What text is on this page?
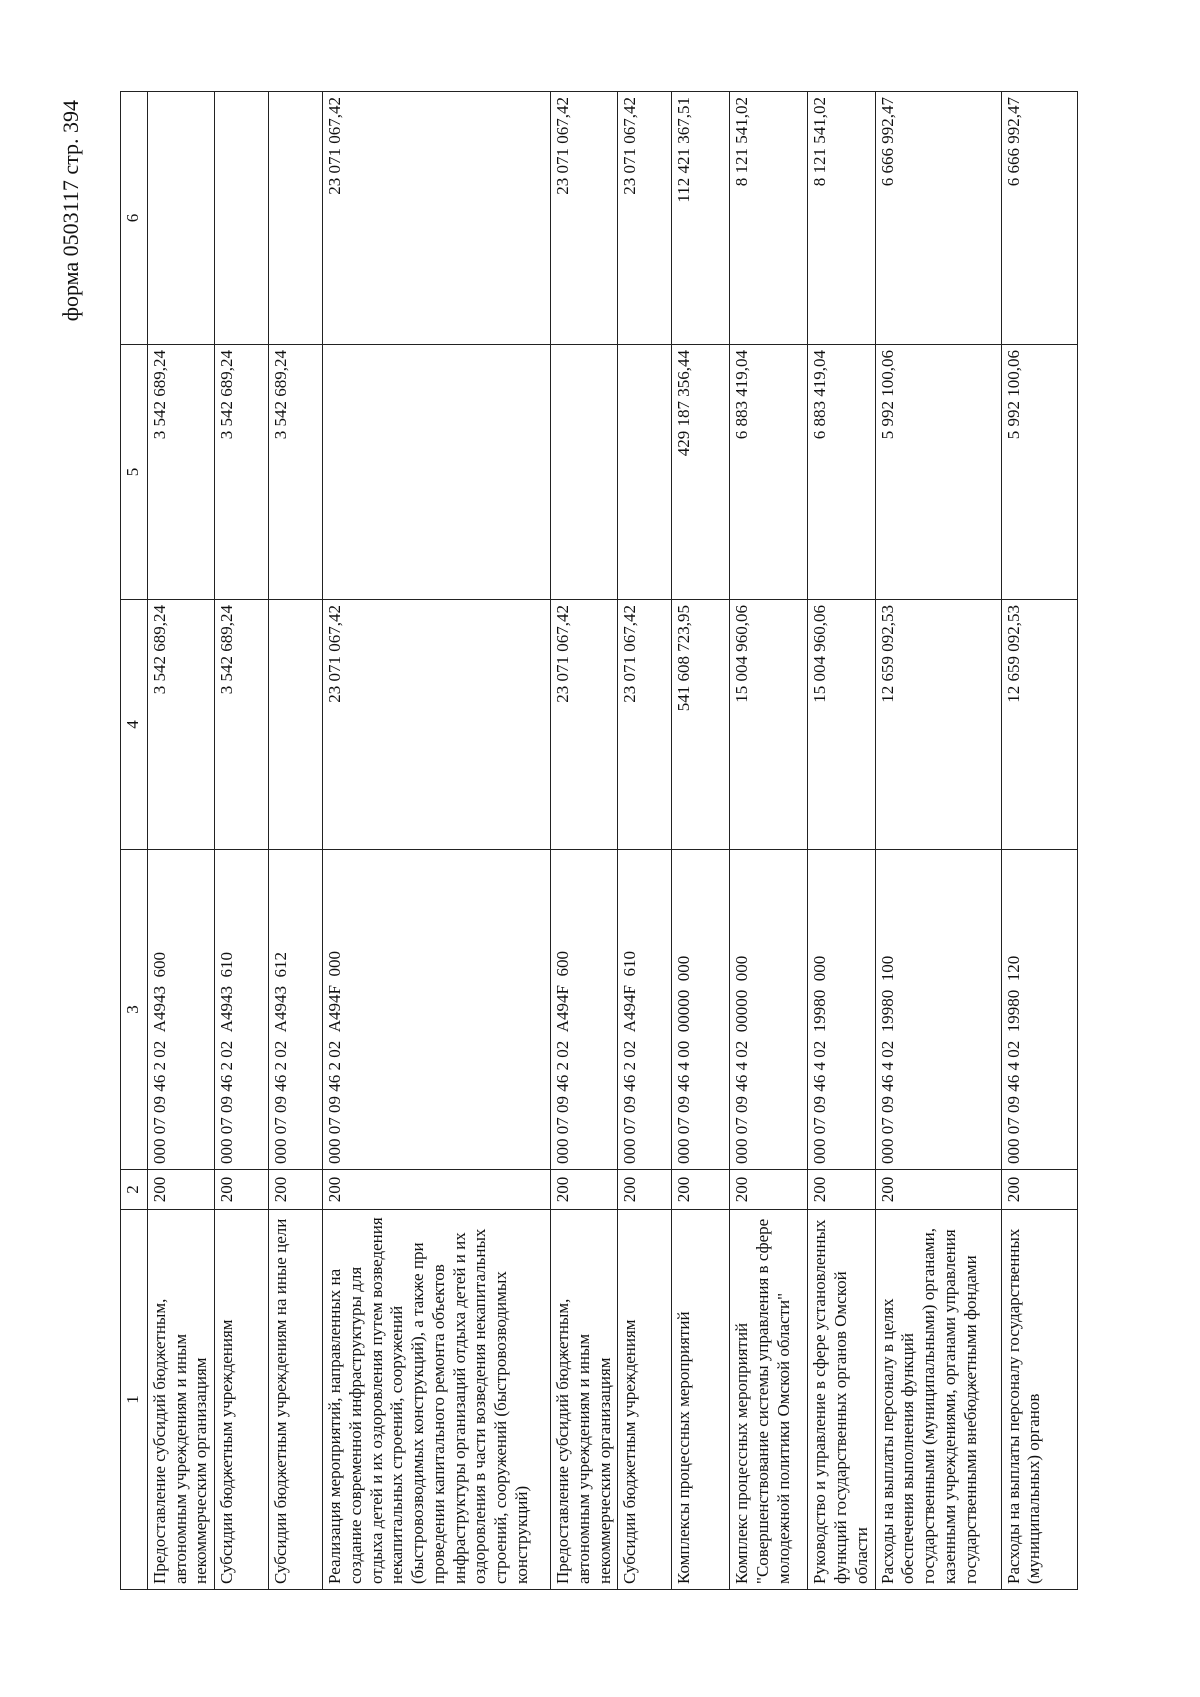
форма 0503117 стр. 394
1	2	3	4	5	6
Предоставление субсидий бюджетным, автономным учреждениям и иным некоммерческим организациям	200	000 07 09 46 2 02  А4943  600	3 542 689,24	3 542 689,24	
Субсидии бюджетным учреждениям	200	000 07 09 46 2 02  А4943  610	3 542 689,24	3 542 689,24	
Субсидии бюджетным учреждениям на иные цели	200	000 07 09 46 2 02  А4943  612		3 542 689,24	
Реализация мероприятий, направленных на создание современной инфраструктуры для отдыха детей и их оздоровления путем возведения некапитальных строений, сооружений (быстровозводимых конструкций), а также при проведении капитального ремонта объектов инфраструктуры организаций отдыха детей и их оздоровления в части возведения некапитальных строений, сооружений (быстровозводимых конструкций)	200	000 07 09 46 2 02  А494F  000	23 071 067,42		23 071 067,42
Предоставление субсидий бюджетным, автономным учреждениям и иным некоммерческим организациям	200	000 07 09 46 2 02  А494F  600	23 071 067,42		23 071 067,42
Субсидии бюджетным учреждениям	200	000 07 09 46 2 02  А494F  610	23 071 067,42		23 071 067,42
Комплексы процессных мероприятий	200	000 07 09 46 4 00  00000  000	541 608 723,95	429 187 356,44	112 421 367,51
Комплекс процессных мероприятий "Совершенствование системы управления в сфере молодежной политики Омской области"	200	000 07 09 46 4 02  00000  000	15 004 960,06	6 883 419,04	8 121 541,02
Руководство и управление в сфере установленных функций государственных органов Омской области	200	000 07 09 46 4 02  19980  000	15 004 960,06	6 883 419,04	8 121 541,02
Расходы на выплаты персоналу в целях обеспечения выполнения функций государственными (муниципальными) органами, казенными учреждениями, органами управления государственными внебюджетными фондами	200	000 07 09 46 4 02  19980  100	12 659 092,53	5 992 100,06	6 666 992,47
Расходы на выплаты персоналу государственных (муниципальных) органов	200	000 07 09 46 4 02  19980  120	12 659 092,53	5 992 100,06	6 666 992,47
